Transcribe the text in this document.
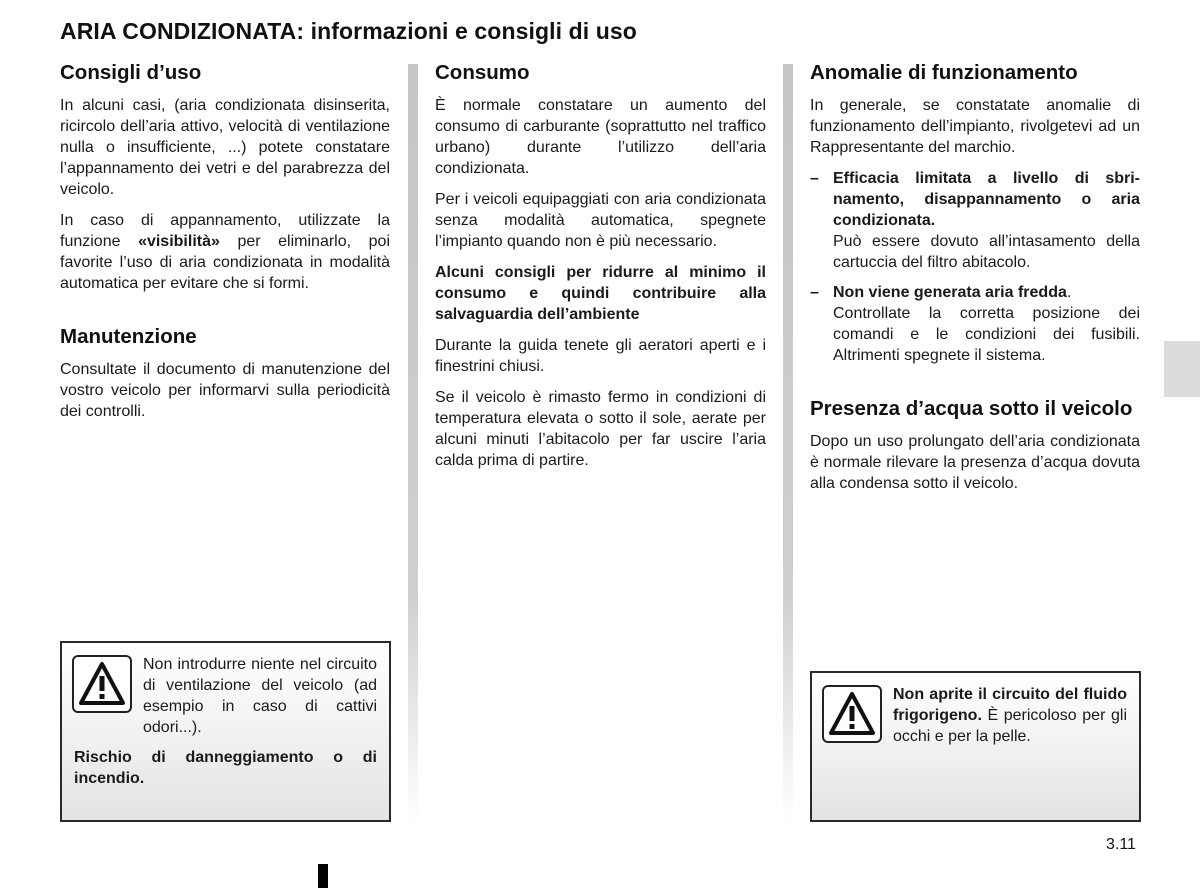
ARIA CONDIZIONATA: informazioni e consigli di uso
Consigli d’uso

In alcuni casi, (aria condizionata disinserita, ricircolo dell’aria attivo, velocità di ventilazione nulla o insufficiente, ...) potete constatare l’appannamento dei vetri e del parabrezza del veicolo.

In caso di appannamento, utilizzate la funzione «visibilità» per eliminarlo, poi favorite l’uso di aria condizionata in modalità automatica per evitare che si formi.

Manutenzione

Consultate il documento di manutenzione del vostro veicolo per informarvi sulla periodicità dei controlli.

Non introdurre niente nel circuito di ventilazione del veicolo (ad esempio in caso di cattivi odori...).
Rischio di danneggiamento o di incendio.
Consumo

È normale constatare un aumento del consumo di carburante (soprattutto nel traffico urbano) durante l’utilizzo dell’aria condizionata.

Per i veicoli equipaggiati con aria condizionata senza modalità automatica, spegnete l’impianto quando non è più necessario.

Alcuni consigli per ridurre al minimo il consumo e quindi contribuire alla salvaguardia dell’ambiente

Durante la guida tenete gli aeratori aperti e i finestrini chiusi.

Se il veicolo è rimasto fermo in condizioni di temperatura elevata o sotto il sole, aerate per alcuni minuti l’abitacolo per far uscire l’aria calda prima di partire.

Anomalie di funzionamento

In generale, se constatate anomalie di funzionamento dell’impianto, rivolgetevi ad un Rappresentante del marchio.

– Efficacia limitata a livello di sbrinamento, disappannamento o aria condizionata.
Può essere dovuto all’intasamento della cartuccia del filtro abitacolo.
– Non viene generata aria fredda.
Controllate la corretta posizione dei comandi e le condizioni dei fusibili. Altrimenti spegnete il sistema.
Presenza d’acqua sotto il veicolo

Dopo un uso prolungato dell’aria condizionata è normale rilevare la presenza d’acqua dovuta alla condensa sotto il veicolo.

Non aprite il circuito del fluido frigorigeno. È pericoloso per gli occhi e per la pelle.
3.11
